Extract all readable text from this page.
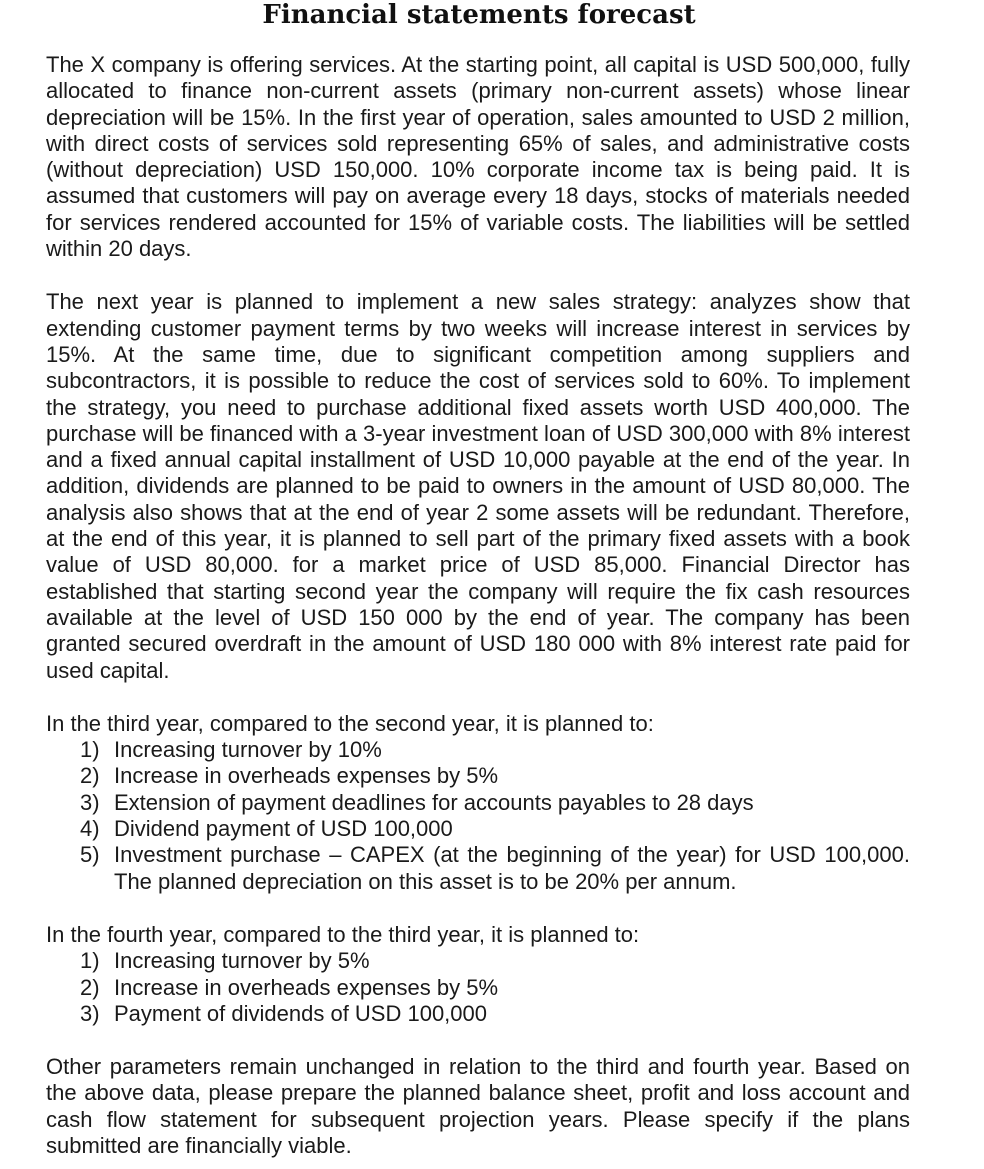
Financial statements forecast

The X company is offering services. At the starting point, all capital is USD 500,000, fully allocated to finance non-current assets (primary non-current assets) whose linear depreciation will be 15%. In the first year of operation, sales amounted to USD 2 million, with direct costs of services sold representing 65% of sales, and administrative costs (without depreciation) USD 150,000. 10% corporate income tax is being paid. It is assumed that customers will pay on average every 18 days, stocks of materials needed for services rendered accounted for 15% of variable costs. The liabilities will be settled within 20 days.

The next year is planned to implement a new sales strategy: analyzes show that extending customer payment terms by two weeks will increase interest in services by 15%. At the same time, due to significant competition among suppliers and subcontractors, it is possible to reduce the cost of services sold to 60%. To implement the strategy, you need to purchase additional fixed assets worth USD 400,000. The purchase will be financed with a 3-year investment loan of USD 300,000 with 8% interest and a fixed annual capital installment of USD 10,000 payable at the end of the year. In addition, dividends are planned to be paid to owners in the amount of USD 80,000. The analysis also shows that at the end of year 2 some assets will be redundant. Therefore, at the end of this year, it is planned to sell part of the primary fixed assets with a book value of USD 80,000. for a market price of USD 85,000. Financial Director has established that starting second year the company will require the fix cash resources available at the level of USD 150 000 by the end of year. The company has been granted secured overdraft in the amount of USD 180 000 with 8% interest rate paid for used capital.

In the third year, compared to the second year, it is planned to:

1) Increasing turnover by 10%
2) Increase in overheads expenses by 5%
3) Extension of payment deadlines for accounts payables to 28 days
4) Dividend payment of USD 100,000
5) Investment purchase – CAPEX (at the beginning of the year) for USD 100,000. The planned depreciation on this asset is to be 20% per annum.

In the fourth year, compared to the third year, it is planned to:

1) Increasing turnover by 5%
2) Increase in overheads expenses by 5%
3) Payment of dividends of USD 100,000

Other parameters remain unchanged in relation to the third and fourth year. Based on the above data, please prepare the planned balance sheet, profit and loss account and cash flow statement for subsequent projection years. Please specify if the plans submitted are financially viable.
